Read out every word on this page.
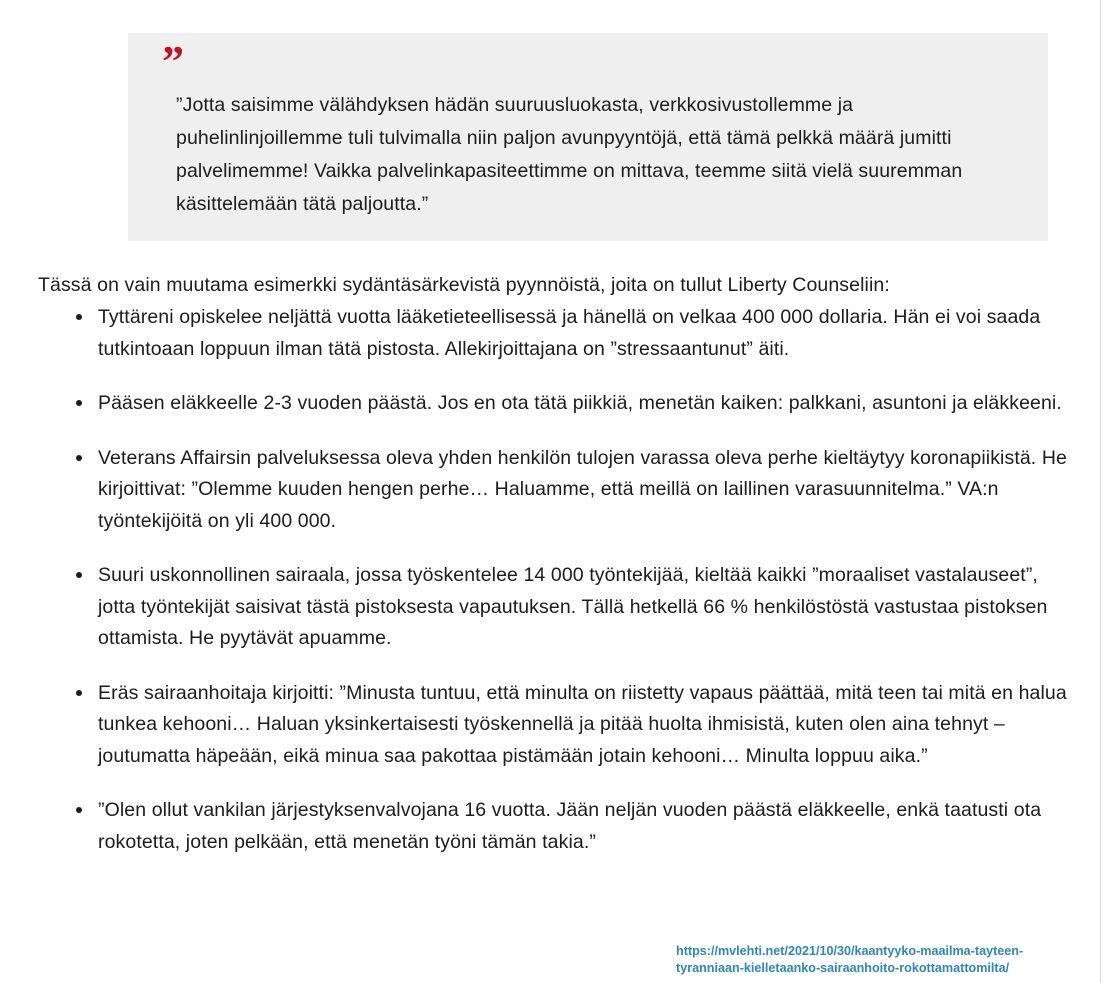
”

”Jotta saisimme välähdyksen hädän suuruusluokasta, verkkosivustollemme ja puhelinlinjoillemme tuli tulvimalla niin paljon avunpyyntöjä, että tämä pelkkä määrä jumitti palvelimemme! Vaikka palvelinkapasiteettimme on mittava, teemme siitä vielä suuremman käsittelemään tätä paljoutta.”

Tässä on vain muutama esimerkki sydäntäsärkevistä pyynnöistä, joita on tullut Liberty Counseliin:

Tyttäreni opiskelee neljättä vuotta lääketieteellisessä ja hänellä on velkaa 400 000 dollaria. Hän ei voi saada tutkintoaan loppuun ilman tätä pistosta. Allekirjoittajana on ”stressaantunut” äiti.
Pääsen eläkkeelle 2-3 vuoden päästä. Jos en ota tätä piikkiä, menetän kaiken: palkkani, asuntoni ja eläkkeeni.
Veterans Affairsin palveluksessa oleva yhden henkilön tulojen varassa oleva perhe kieltäytyy koronapiikistä. He kirjoittivat: ”Olemme kuuden hengen perhe… Haluamme, että meillä on laillinen varasuunnitelma.” VA:n työntekijöitä on yli 400 000.
Suuri uskonnollinen sairaala, jossa työskentelee 14 000 työntekijää, kieltää kaikki ”moraaliset vastalauseet”, jotta työntekijät saisivat tästä pistoksesta vapautuksen. Tällä hetkellä 66 % henkilöstöstä vastustaa pistoksen ottamista. He pyytävät apuamme.
Eräs sairaanhoitaja kirjoitti: ”Minusta tuntuu, että minulta on riistetty vapaus päättää, mitä teen tai mitä en halua tunkea kehooni… Haluan yksinkertaisesti työskennellä ja pitää huolta ihmisistä, kuten olen aina tehnyt – joutumatta häpeään, eikä minua saa pakottaa pistämään jotain kehooni… Minulta loppuu aika.”
”Olen ollut vankilan järjestyksenvalvojana 16 vuotta. Jään neljän vuoden päästä eläkkeelle, enkä taatusti ota rokotetta, joten pelkään, että menetän työni tämän takia.”
https://mvlehti.net/2021/10/30/kaantyyko-maailma-tayteen-tyranniaan-kielletaanko-sairaanhoito-rokottamattomilta/
